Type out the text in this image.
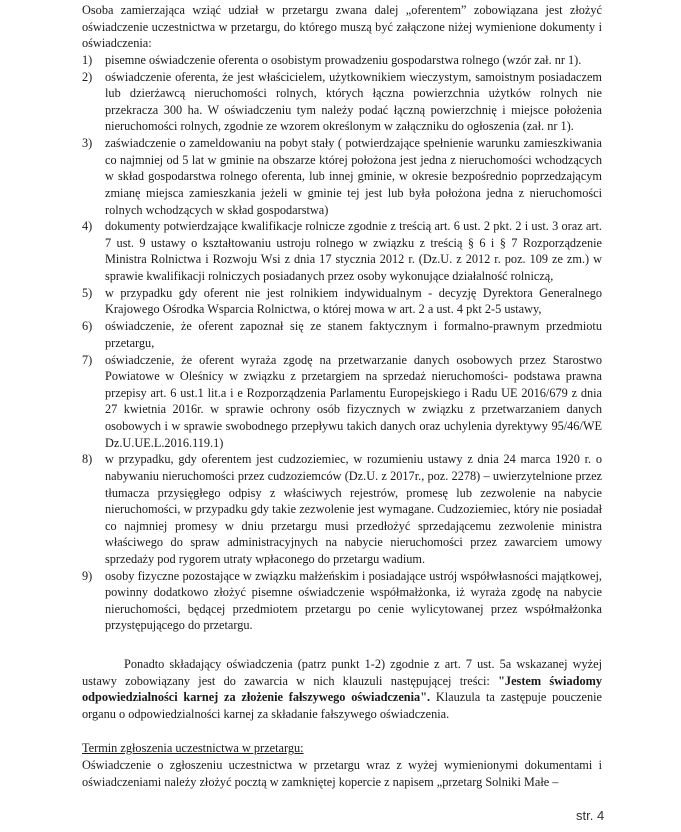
Osoba zamierzająca wziąć udział w przetargu zwana dalej „oferentem” zobowiązana jest złożyć oświadczenie uczestnictwa w przetargu, do którego muszą być załączone niżej wymienione dokumenty i oświadczenia:

1)	pisemne oświadczenie oferenta o osobistym prowadzeniu gospodarstwa rolnego (wzór zał. nr 1).
2)	oświadczenie oferenta, że jest właścicielem, użytkownikiem wieczystym, samoistnym posiadaczem lub dzierżawcą nieruchomości rolnych, których łączna powierzchnia użytków rolnych nie przekracza 300 ha. W oświadczeniu tym należy podać łączną powierzchnię i miejsce położenia nieruchomości rolnych, zgodnie ze wzorem określonym w załączniku do ogłoszenia (zał. nr 1).
3)	zaświadczenie o zameldowaniu na pobyt stały ( potwierdzające spełnienie warunku zamieszkiwania co najmniej od 5 lat w gminie na obszarze której położona jest jedna z nieruchomości wchodzących w skład gospodarstwa rolnego oferenta, lub innej gminie, w okresie bezpośrednio poprzedzającym zmianę miejsca zamieszkania jeżeli w gminie tej jest lub była położona jedna z nieruchomości rolnych wchodzących w skład gospodarstwa)
4)	dokumenty potwierdzające kwalifikacje rolnicze zgodnie z treścią art. 6 ust. 2 pkt. 2 i ust. 3 oraz art. 7 ust. 9 ustawy o kształtowaniu ustroju rolnego w związku z treścią § 6 i § 7 Rozporządzenie Ministra Rolnictwa i Rozwoju Wsi z dnia 17 stycznia 2012 r. (Dz.U. z 2012 r. poz. 109 ze zm.) w sprawie kwalifikacji rolniczych posiadanych przez osoby wykonujące działalność rolniczą,
5)	w przypadku gdy oferent nie jest rolnikiem indywidualnym - decyzję Dyrektora Generalnego Krajowego Ośrodka Wsparcia Rolnictwa, o której mowa w art. 2 a ust. 4 pkt 2-5 ustawy,
6)	oświadczenie, że oferent zapoznał się ze stanem faktycznym i formalno-prawnym przedmiotu przetargu,
7)	oświadczenie, że oferent wyraża zgodę na przetwarzanie danych osobowych przez Starostwo Powiatowe w Oleśnicy w związku z przetargiem na sprzedaż nieruchomości- podstawa prawna przepisy art. 6 ust.1 lit.a i e Rozporządzenia Parlamentu Europejskiego i Radu UE 2016/679 z dnia 27 kwietnia 2016r. w sprawie ochrony osób fizycznych w związku z przetwarzaniem danych osobowych i w sprawie swobodnego przepływu takich danych oraz uchylenia dyrektywy 95/46/WE Dz.U.UE.L.2016.119.1)
8)	w przypadku, gdy oferentem jest cudzoziemiec, w rozumieniu ustawy z dnia 24 marca 1920 r. o nabywaniu nieruchomości przez cudzoziemców (Dz.U. z 2017r., poz. 2278) – uwierzytelnione przez tłumacza przysięgłego odpisy z właściwych rejestrów, promesę lub zezwolenie na nabycie nieruchomości, w przypadku gdy takie zezwolenie jest wymagane. Cudzoziemiec, który nie posiadał co najmniej promesy w dniu przetargu musi przedłożyć sprzedającemu zezwolenie ministra właściwego do spraw administracyjnych na nabycie nieruchomości przez zawarciem umowy sprzedaży pod rygorem utraty wpłaconego do przetargu wadium.
9)	osoby fizyczne pozostające w związku małżeńskim i posiadające ustrój współwłasności majątkowej, powinny dodatkowo złożyć pisemne oświadczenie współmałżonka, iż wyraża zgodę na nabycie nieruchomości, będącej przedmiotem przetargu po cenie wylicytowanej przez współmałżonka przystępującego do przetargu.

Ponadto składający oświadczenia (patrz punkt 1-2) zgodnie z art. 7 ust. 5a wskazanej wyżej ustawy zobowiązany jest do zawarcia w nich klauzuli następującej treści: "Jestem świadomy odpowiedzialności karnej za złożenie fałszywego oświadczenia". Klauzula ta zastępuje pouczenie organu o odpowiedzialności karnej za składanie fałszywego oświadczenia.

Termin zgłoszenia uczestnictwa w przetargu:

Oświadczenie o zgłoszeniu uczestnictwa w przetargu wraz z wyżej wymienionymi dokumentami i oświadczeniami należy złożyć pocztą w zamkniętej kopercie z napisem „przetarg Solniki Małe –

str. 4
